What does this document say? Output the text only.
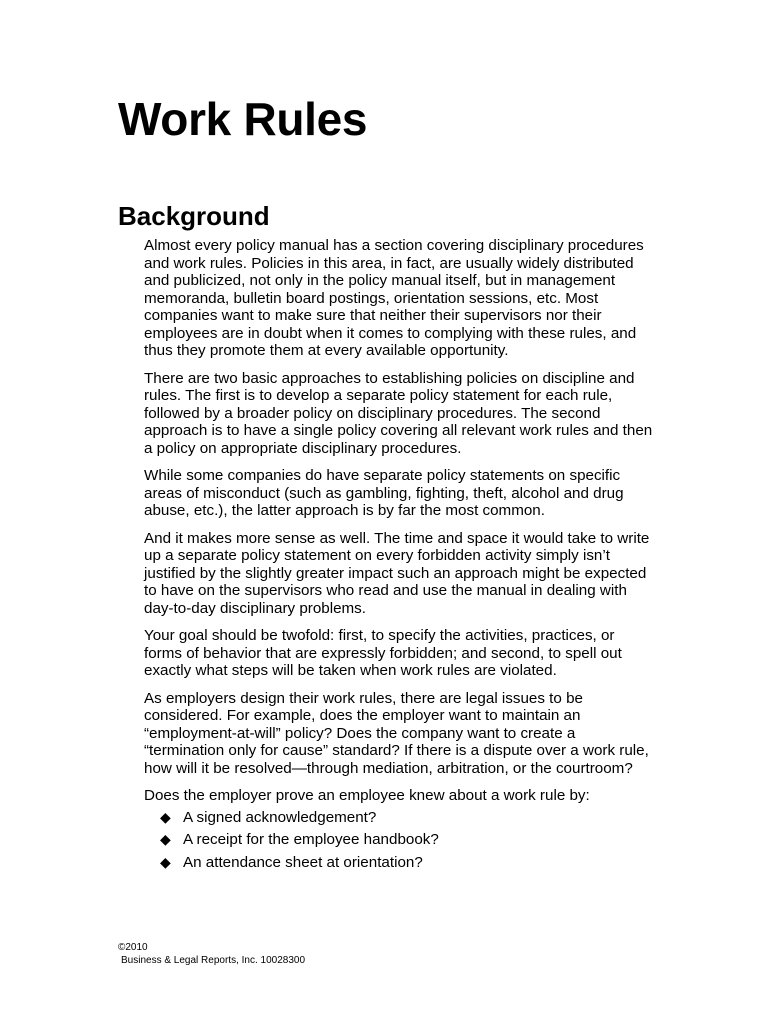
Work Rules
Background

Almost every policy manual has a section covering disciplinary procedures and work rules. Policies in this area, in fact, are usually widely distributed and publicized, not only in the policy manual itself, but in management memoranda, bulletin board postings, orientation sessions, etc. Most companies want to make sure that neither their supervisors nor their employees are in doubt when it comes to complying with these rules, and thus they promote them at every available opportunity.

There are two basic approaches to establishing policies on discipline and rules. The first is to develop a separate policy statement for each rule, followed by a broader policy on disciplinary procedures. The second approach is to have a single policy covering all relevant work rules and then a policy on appropriate disciplinary procedures.

While some companies do have separate policy statements on specific areas of misconduct (such as gambling, fighting, theft, alcohol and drug abuse, etc.), the latter approach is by far the most common.

And it makes more sense as well. The time and space it would take to write up a separate policy statement on every forbidden activity simply isn’t justified by the slightly greater impact such an approach might be expected to have on the supervisors who read and use the manual in dealing with day-to-day disciplinary problems.

Your goal should be twofold: first, to specify the activities, practices, or forms of behavior that are expressly forbidden; and second, to spell out exactly what steps will be taken when work rules are violated.

As employers design their work rules, there are legal issues to be considered. For example, does the employer want to maintain an “employment-at-will” policy? Does the company want to create a “termination only for cause” standard? If there is a dispute over a work rule, how will it be resolved—through mediation, arbitration, or the courtroom?

Does the employer prove an employee knew about a work rule by:

◆ A signed acknowledgement?
◆ A receipt for the employee handbook?
◆ An attendance sheet at orientation?
©2010
Business & Legal Reports, Inc. 10028300
